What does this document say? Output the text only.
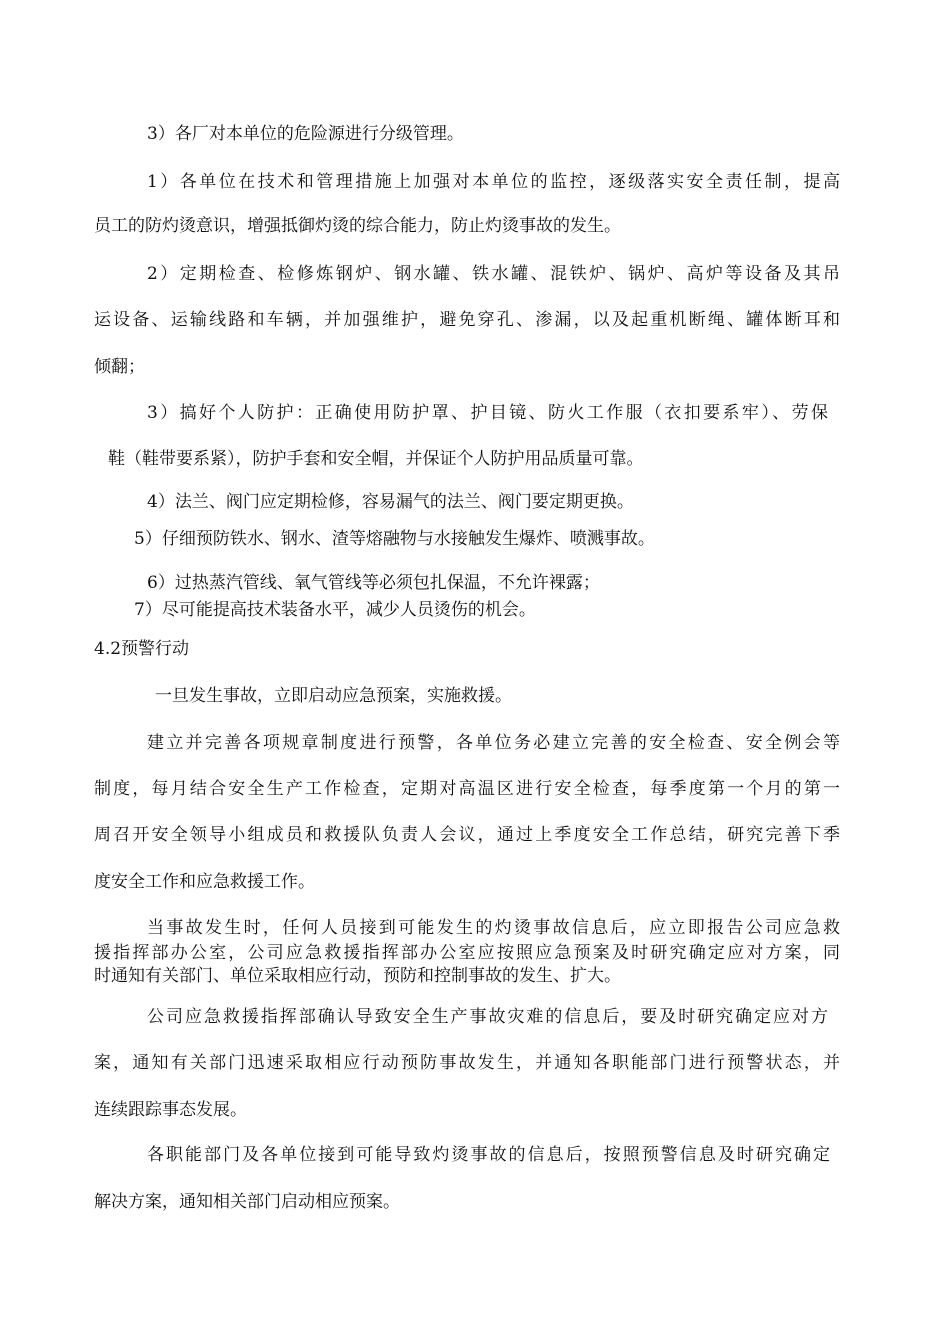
3）各厂对本单位的危险源进行分级管理。
1）各单位在技术和管理措施上加强对本单位的监控，逐级落实安全责任制，提高
员工的防灼烫意识，增强抵御灼烫的综合能力，防止灼烫事故的发生。
2）定期检查、检修炼钢炉、钢水罐、铁水罐、混铁炉、锅炉、高炉等设备及其吊
运设备、运输线路和车辆，并加强维护，避免穿孔、渗漏，以及起重机断绳、罐体断耳和
倾翻；
3）搞好个人防护：正确使用防护罩、护目镜、防火工作服（衣扣要系牢）、劳保
鞋（鞋带要系紧），防护手套和安全帽，并保证个人防护用品质量可靠。
4）法兰、阀门应定期检修，容易漏气的法兰、阀门要定期更换。
5）仔细预防铁水、钢水、渣等熔融物与水接触发生爆炸、喷溅事故。
6）过热蒸汽管线、氧气管线等必须包扎保温，不允许裸露；
7）尽可能提高技术装备水平，减少人员烫伤的机会。
4.2预警行动
一旦发生事故，立即启动应急预案，实施救援。
建立并完善各项规章制度进行预警，各单位务必建立完善的安全检查、安全例会等
制度，每月结合安全生产工作检查，定期对高温区进行安全检查，每季度第一个月的第一
周召开安全领导小组成员和救援队负责人会议，通过上季度安全工作总结，研究完善下季
度安全工作和应急救援工作。
当事故发生时，任何人员接到可能发生的灼烫事故信息后，应立即报告公司应急救
援指挥部办公室，公司应急救援指挥部办公室应按照应急预案及时研究确定应对方案，同
时通知有关部门、单位采取相应行动，预防和控制事故的发生、扩大。
公司应急救援指挥部确认导致安全生产事故灾难的信息后，要及时研究确定应对方
案，通知有关部门迅速采取相应行动预防事故发生，并通知各职能部门进行预警状态，并
连续跟踪事态发展。
各职能部门及各单位接到可能导致灼烫事故的信息后，按照预警信息及时研究确定
解决方案，通知相关部门启动相应预案。
